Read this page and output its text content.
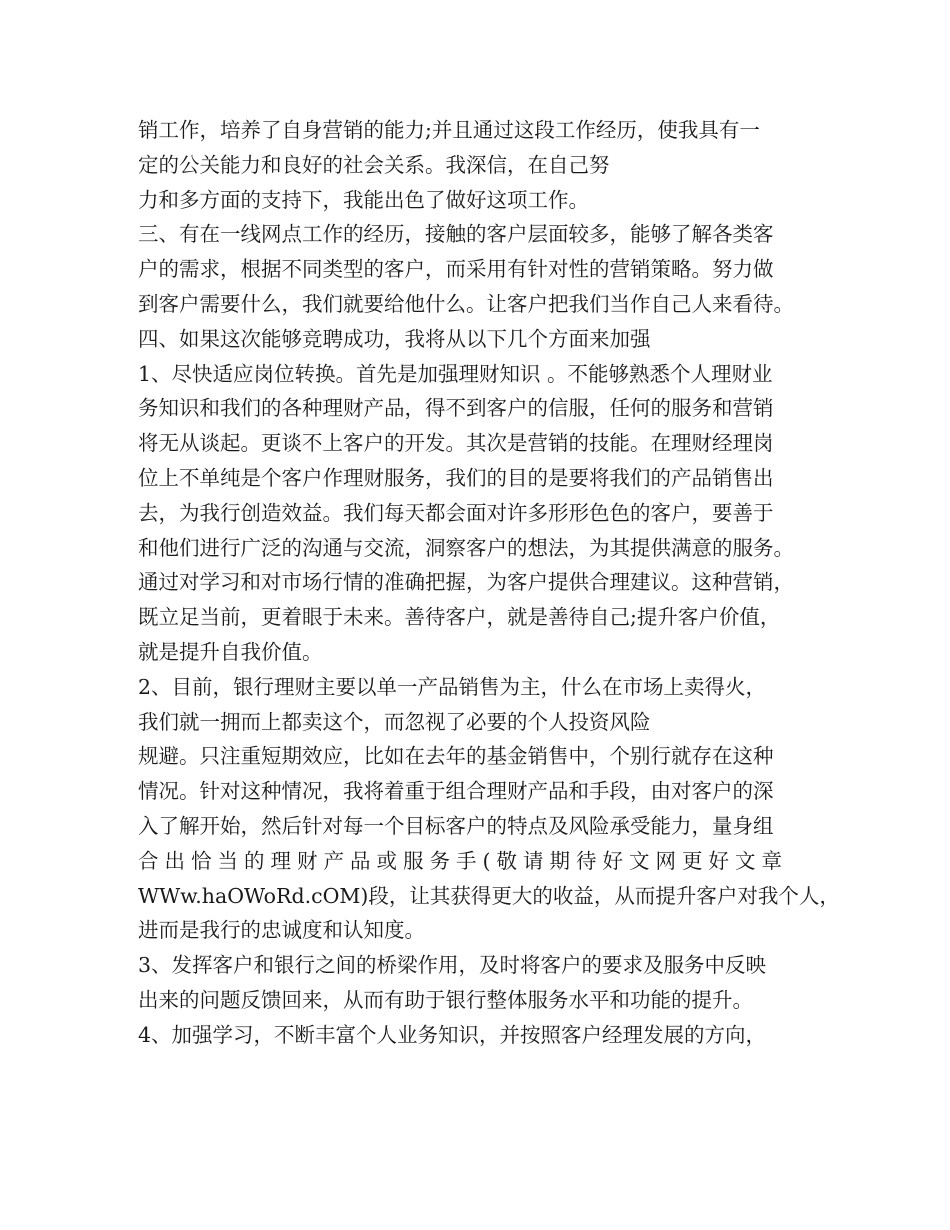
销工作，培养了自身营销的能力;并且通过这段工作经历，使我具有一
定的公关能力和良好的社会关系。我深信，在自己努
力和多方面的支持下，我能出色了做好这项工作。
三、有在一线网点工作的经历，接触的客户层面较多，能够了解各类客
户的需求，根据不同类型的客户，而采用有针对性的营销策略。努力做
到客户需要什么，我们就要给他什么。让客户把我们当作自己人来看待。
四、如果这次能够竞聘成功，我将从以下几个方面来加强
1、尽快适应岗位转换。首先是加强理财知识 。不能够熟悉个人理财业
务知识和我们的各种理财产品，得不到客户的信服，任何的服务和营销
将无从谈起。更谈不上客户的开发。其次是营销的技能。在理财经理岗
位上不单纯是个客户作理财服务，我们的目的是要将我们的产品销售出
去，为我行创造效益。我们每天都会面对许多形形色色的客户，要善于
和他们进行广泛的沟通与交流，洞察客户的想法，为其提供满意的服务。
通过对学习和对市场行情的准确把握，为客户提供合理建议。这种营销，
既立足当前，更着眼于未来。善待客户，就是善待自己;提升客户价值，
就是提升自我价值。
2、目前，银行理财主要以单一产品销售为主，什么在市场上卖得火，
我们就一拥而上都卖这个，而忽视了必要的个人投资风险
规避。只注重短期效应，比如在去年的基金销售中，个别行就存在这种
情况。针对这种情况，我将着重于组合理财产品和手段，由对客户的深
入了解开始，然后针对每一个目标客户的特点及风险承受能力，量身组
合出恰当的理财产品或服务手(敬请期待好文网更好文章
WWw.haOWoRd.cOM)段，让其获得更大的收益，从而提升客户对我个人，
进而是我行的忠诚度和认知度。
3、发挥客户和银行之间的桥梁作用，及时将客户的要求及服务中反映
出来的问题反馈回来，从而有助于银行整体服务水平和功能的提升。
4、加强学习，不断丰富个人业务知识，并按照客户经理发展的方向，
